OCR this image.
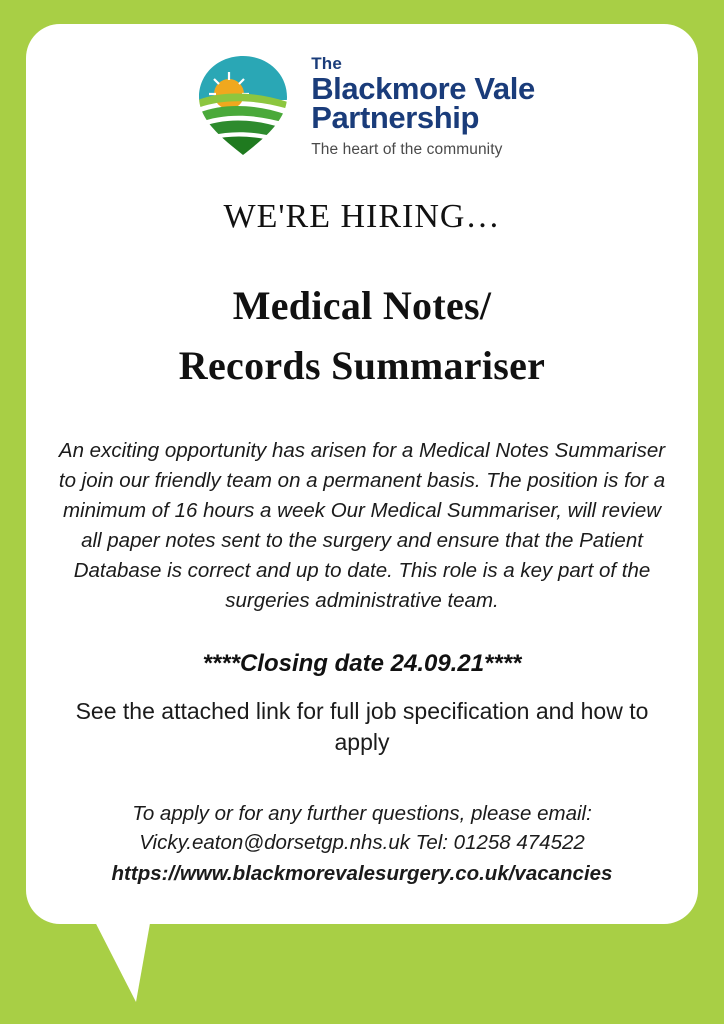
The
Blackmore Vale
Partnership
The heart of the community
WE'RE HIRING…
Medical Notes/
Records Summariser
An exciting opportunity has arisen for a Medical Notes Summariser to join our friendly team on a permanent basis. The position is for a minimum of 16 hours a week Our Medical Summariser, will review all paper notes sent to the surgery and ensure that the Patient Database is correct and up to date. This role is a key part of the surgeries administrative team.
****Closing date 24.09.21****
See the attached link for full job specification and how to apply
To apply or for any further questions, please email:
Vicky.eaton@dorsetgp.nhs.uk Tel: 01258 474522
https://www.blackmorevalesurgery.co.uk/vacancies
